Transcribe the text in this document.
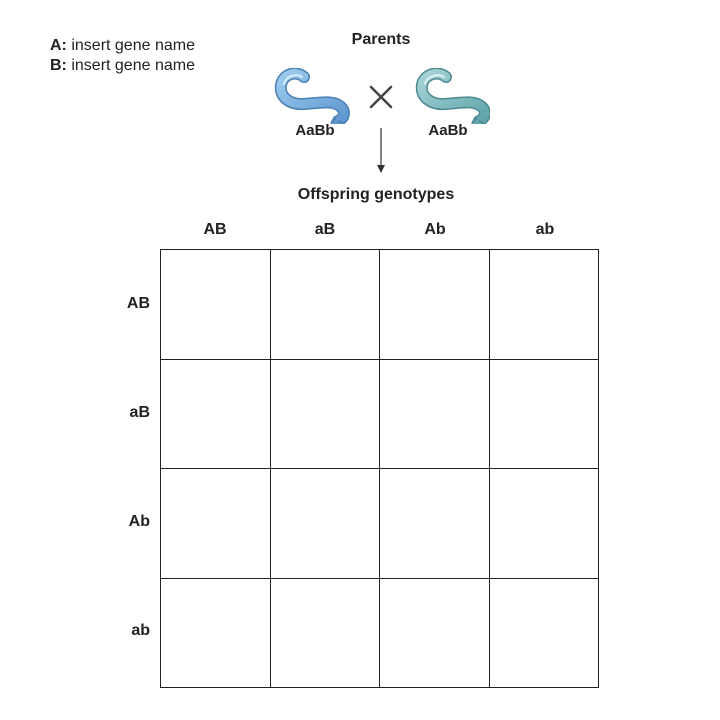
A: insert gene name
B: insert gene name
Parents
AaBb	AaBb
Offspring genotypes
AB	aB	Ab	ab
AB
aB
Ab
ab
